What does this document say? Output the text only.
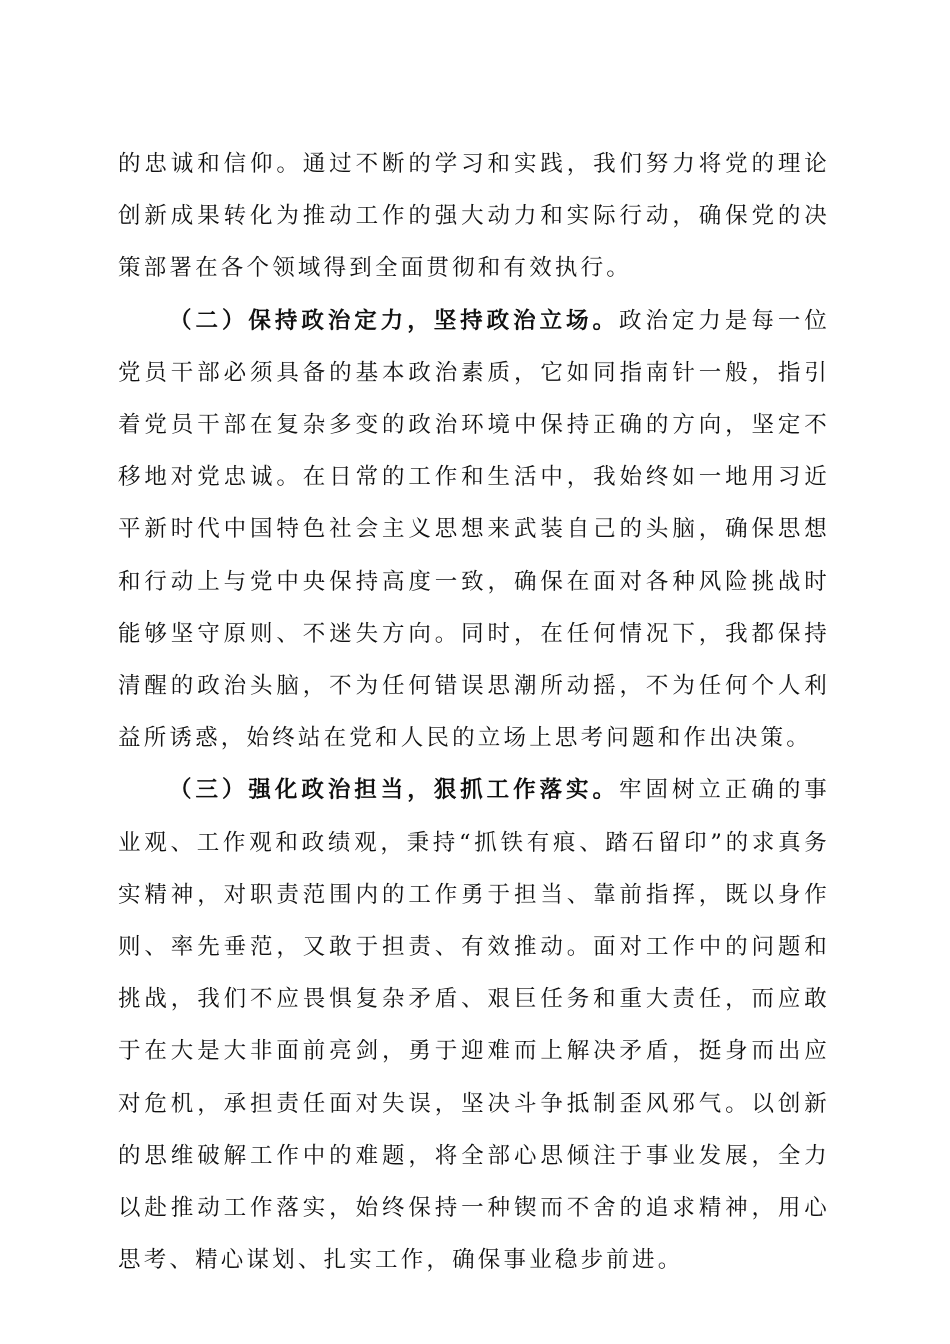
的忠诚和信仰。通过不断的学习和实践，我们努力将党的理论创新成果转化为推动工作的强大动力和实际行动，确保党的决策部署在各个领域得到全面贯彻和有效执行。

（二）保持政治定力，坚持政治立场。政治定力是每一位党员干部必须具备的基本政治素质，它如同指南针一般，指引着党员干部在复杂多变的政治环境中保持正确的方向，坚定不移地对党忠诚。在日常的工作和生活中，我始终如一地用习近平新时代中国特色社会主义思想来武装自己的头脑，确保思想和行动上与党中央保持高度一致，确保在面对各种风险挑战时能够坚守原则、不迷失方向。同时，在任何情况下，我都保持清醒的政治头脑，不为任何错误思潮所动摇，不为任何个人利益所诱惑，始终站在党和人民的立场上思考问题和作出决策。

（三）强化政治担当，狠抓工作落实。牢固树立正确的事业观、工作观和政绩观，秉持“抓铁有痕、踏石留印”的求真务实精神，对职责范围内的工作勇于担当、靠前指挥，既以身作则、率先垂范，又敢于担责、有效推动。面对工作中的问题和挑战，我们不应畏惧复杂矛盾、艰巨任务和重大责任，而应敢于在大是大非面前亮剑，勇于迎难而上解决矛盾，挺身而出应对危机，承担责任面对失误，坚决斗争抵制歪风邪气。以创新的思维破解工作中的难题，将全部心思倾注于事业发展，全力以赴推动工作落实，始终保持一种锲而不舍的追求精神，用心思考、精心谋划、扎实工作，确保事业稳步前进。
